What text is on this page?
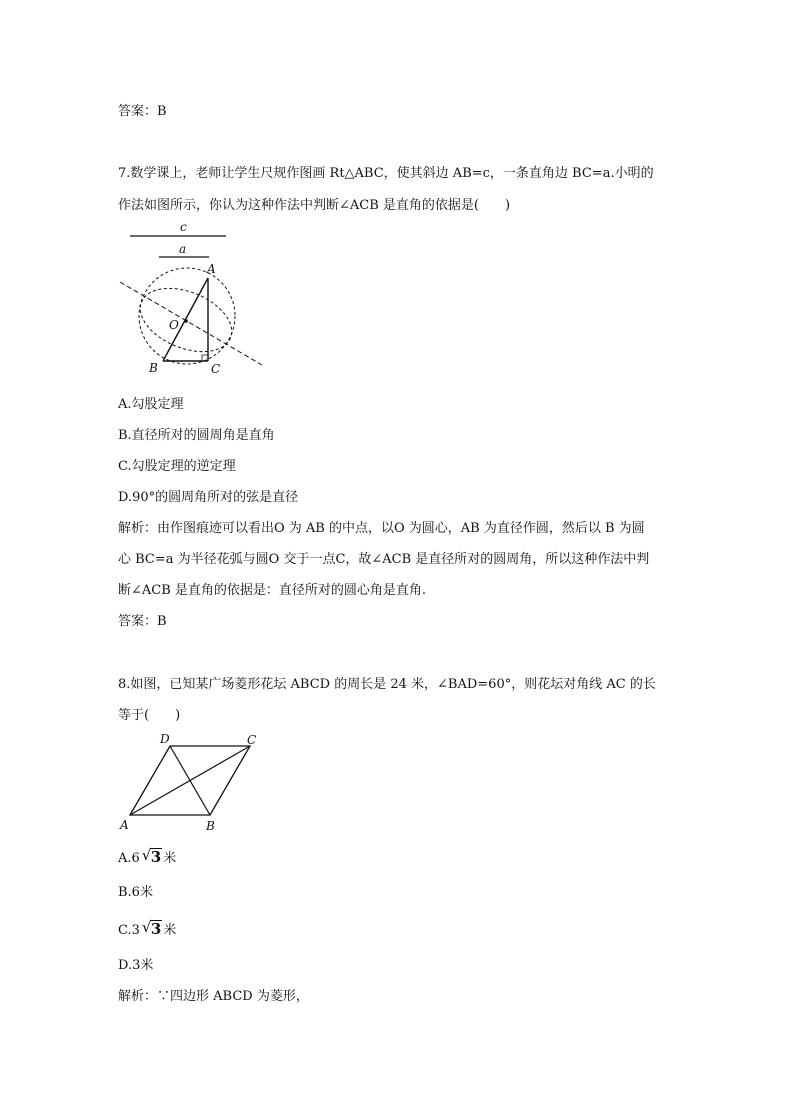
答案：B
7.数学课上，老师让学生尺规作图画 Rt△ABC，使其斜边 AB=c，一条直角边 BC=a.小明的
作法如图所示，你认为这种作法中判断∠ACB 是直角的依据是(　　)
c
a
A
O
B	C
A.勾股定理
B.直径所对的圆周角是直角
C.勾股定理的逆定理
D.90°的圆周角所对的弦是直径
解析：由作图痕迹可以看出O 为 AB 的中点，以O 为圆心，AB 为直径作圆，然后以 B 为圆
心 BC=a 为半径花弧与圆O 交于一点C，故∠ACB 是直径所对的圆周角，所以这种作法中判
断∠ACB 是直角的依据是：直径所对的圆心角是直角.
答案：B
8.如图，已知某广场菱形花坛 ABCD 的周长是 24 米，∠BAD=60°，则花坛对角线 AC 的长
等于(　　)
D	C
A	B
A.6 √ 3 米
B.6米
C.3 √ 3 米
D.3米
解析：∵四边形 ABCD 为菱形，
